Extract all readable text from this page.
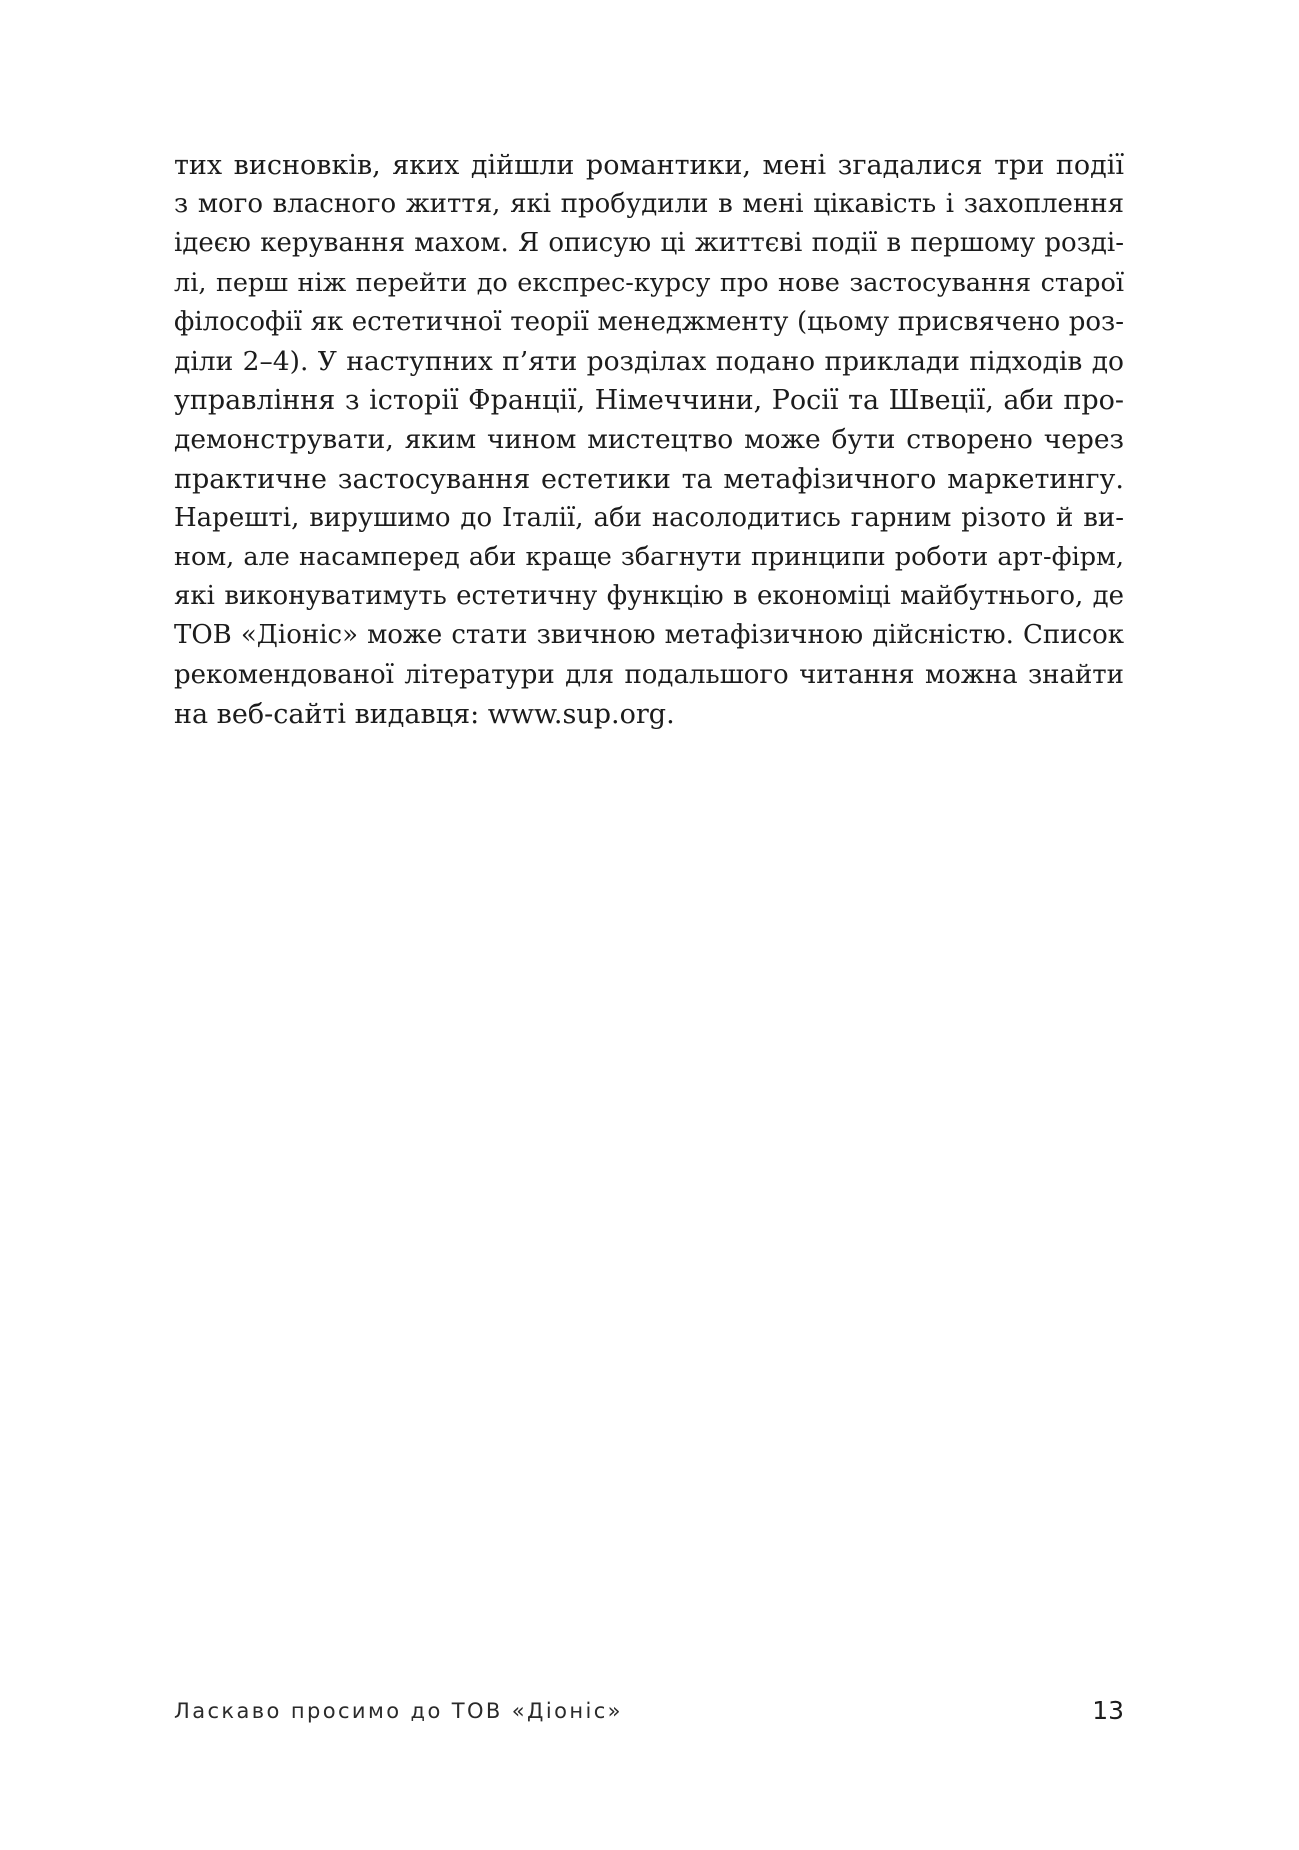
тих висновків, яких дійшли романтики, мені згадалися три події
з мого власного життя, які пробудили в мені цікавість і захоплення
ідеєю керування махом. Я описую ці життєві події в першому розді-
лі, перш ніж перейти до експрес-курсу про нове застосування старої
філософії як естетичної теорії менеджменту (цьому присвячено роз-
діли 2–4). У наступних п’яти розділах подано приклади підходів до
управління з історії Франції, Німеччини, Росії та Швеції, аби про-
демонструвати, яким чином мистецтво може бути створено через
практичне застосування естетики та метафізичного маркетингу.
Нарешті, вирушимо до Італії, аби насолодитись гарним різото й ви-
ном, але насамперед аби краще збагнути принципи роботи арт-фірм,
які виконуватимуть естетичну функцію в економіці майбутнього, де
ТОВ «Діоніс» може стати звичною метафізичною дійсністю. Список
рекомендованої літератури для подальшого читання можна знайти
на веб-сайті видавця: www.sup.org.

Ласкаво просимо до ТОВ «Діоніс»	13
